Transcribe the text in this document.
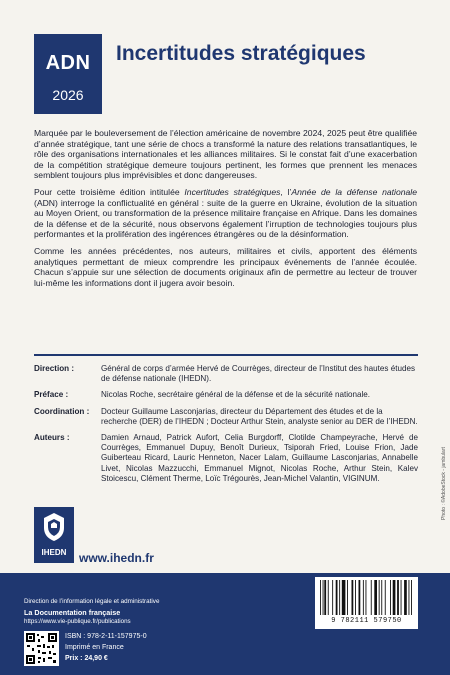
ADN
2026
Incertitudes stratégiques

Marquée par le bouleversement de l’élection américaine de novembre 2024, 2025 peut être qualifiée d’année stratégique, tant une série de chocs a transformé la nature des relations transatlantiques, le rôle des organisations internationales et les alliances militaires. Si le constat fait d’une exacerbation de la compétition stratégique demeure toujours pertinent, les formes que prennent les menaces semblent toujours plus imprévisibles et donc dangereuses.

Pour cette troisième édition intitulée Incertitudes stratégiques, l’Année de la défense nationale (ADN) interroge la conflictualité en général : suite de la guerre en Ukraine, évolution de la situation au Moyen Orient, ou transformation de la présence militaire française en Afrique. Dans les domaines de la défense et de la sécurité, nous observons également l’irruption de technologies toujours plus performantes et la prolifération des ingérences étrangères ou de la désinformation.

Comme les années précédentes, nos auteurs, militaires et civils, apportent des éléments analytiques permettant de mieux comprendre les principaux événements de l’année écoulée. Chacun s’appuie sur une sélection de documents originaux afin de permettre au lecteur de trouver lui-même les informations dont il jugera avoir besoin.

Direction :	Général de corps d’armée Hervé de Courrèges, directeur de l’Institut des hautes études de défense nationale (IHEDN).
Préface :	Nicolas Roche, secrétaire général de la défense et de la sécurité nationale.
Coordination :	Docteur Guillaume Lasconjarias, directeur du Département des études et de la recherche (DER) de l’IHEDN ; Docteur Arthur Stein, analyste senior au DER de l’IHEDN.
Auteurs :	Damien Arnaud, Patrick Aufort, Celia Burgdorff, Clotilde Champeyrache, Hervé de Courrèges, Emmanuel Dupuy, Benoît Durieux, Tsiporah Fried, Louise Frion, Jade Guiberteau Ricard, Lauric Henneton, Nacer Lalam, Guillaume Lasconjarias, Annabelle Livet, Nicolas Mazzucchi, Emmanuel Mignot, Nicolas Roche, Arthur Stein, Kalev Stoicescu, Clément Therme, Loïc Trégourès, Jean-Michel Valantin, VIGINUM.	Photo : ©AdobeStock - jambulart
IHEDN	www.ihedn.fr
Direction de l’information légale et administrative
La Documentation française
https://www.vie-publique.fr/publications
ISBN : 978-2-11-157975-0
Imprimé en France
Prix : 24,90 €
9 782111 579750
